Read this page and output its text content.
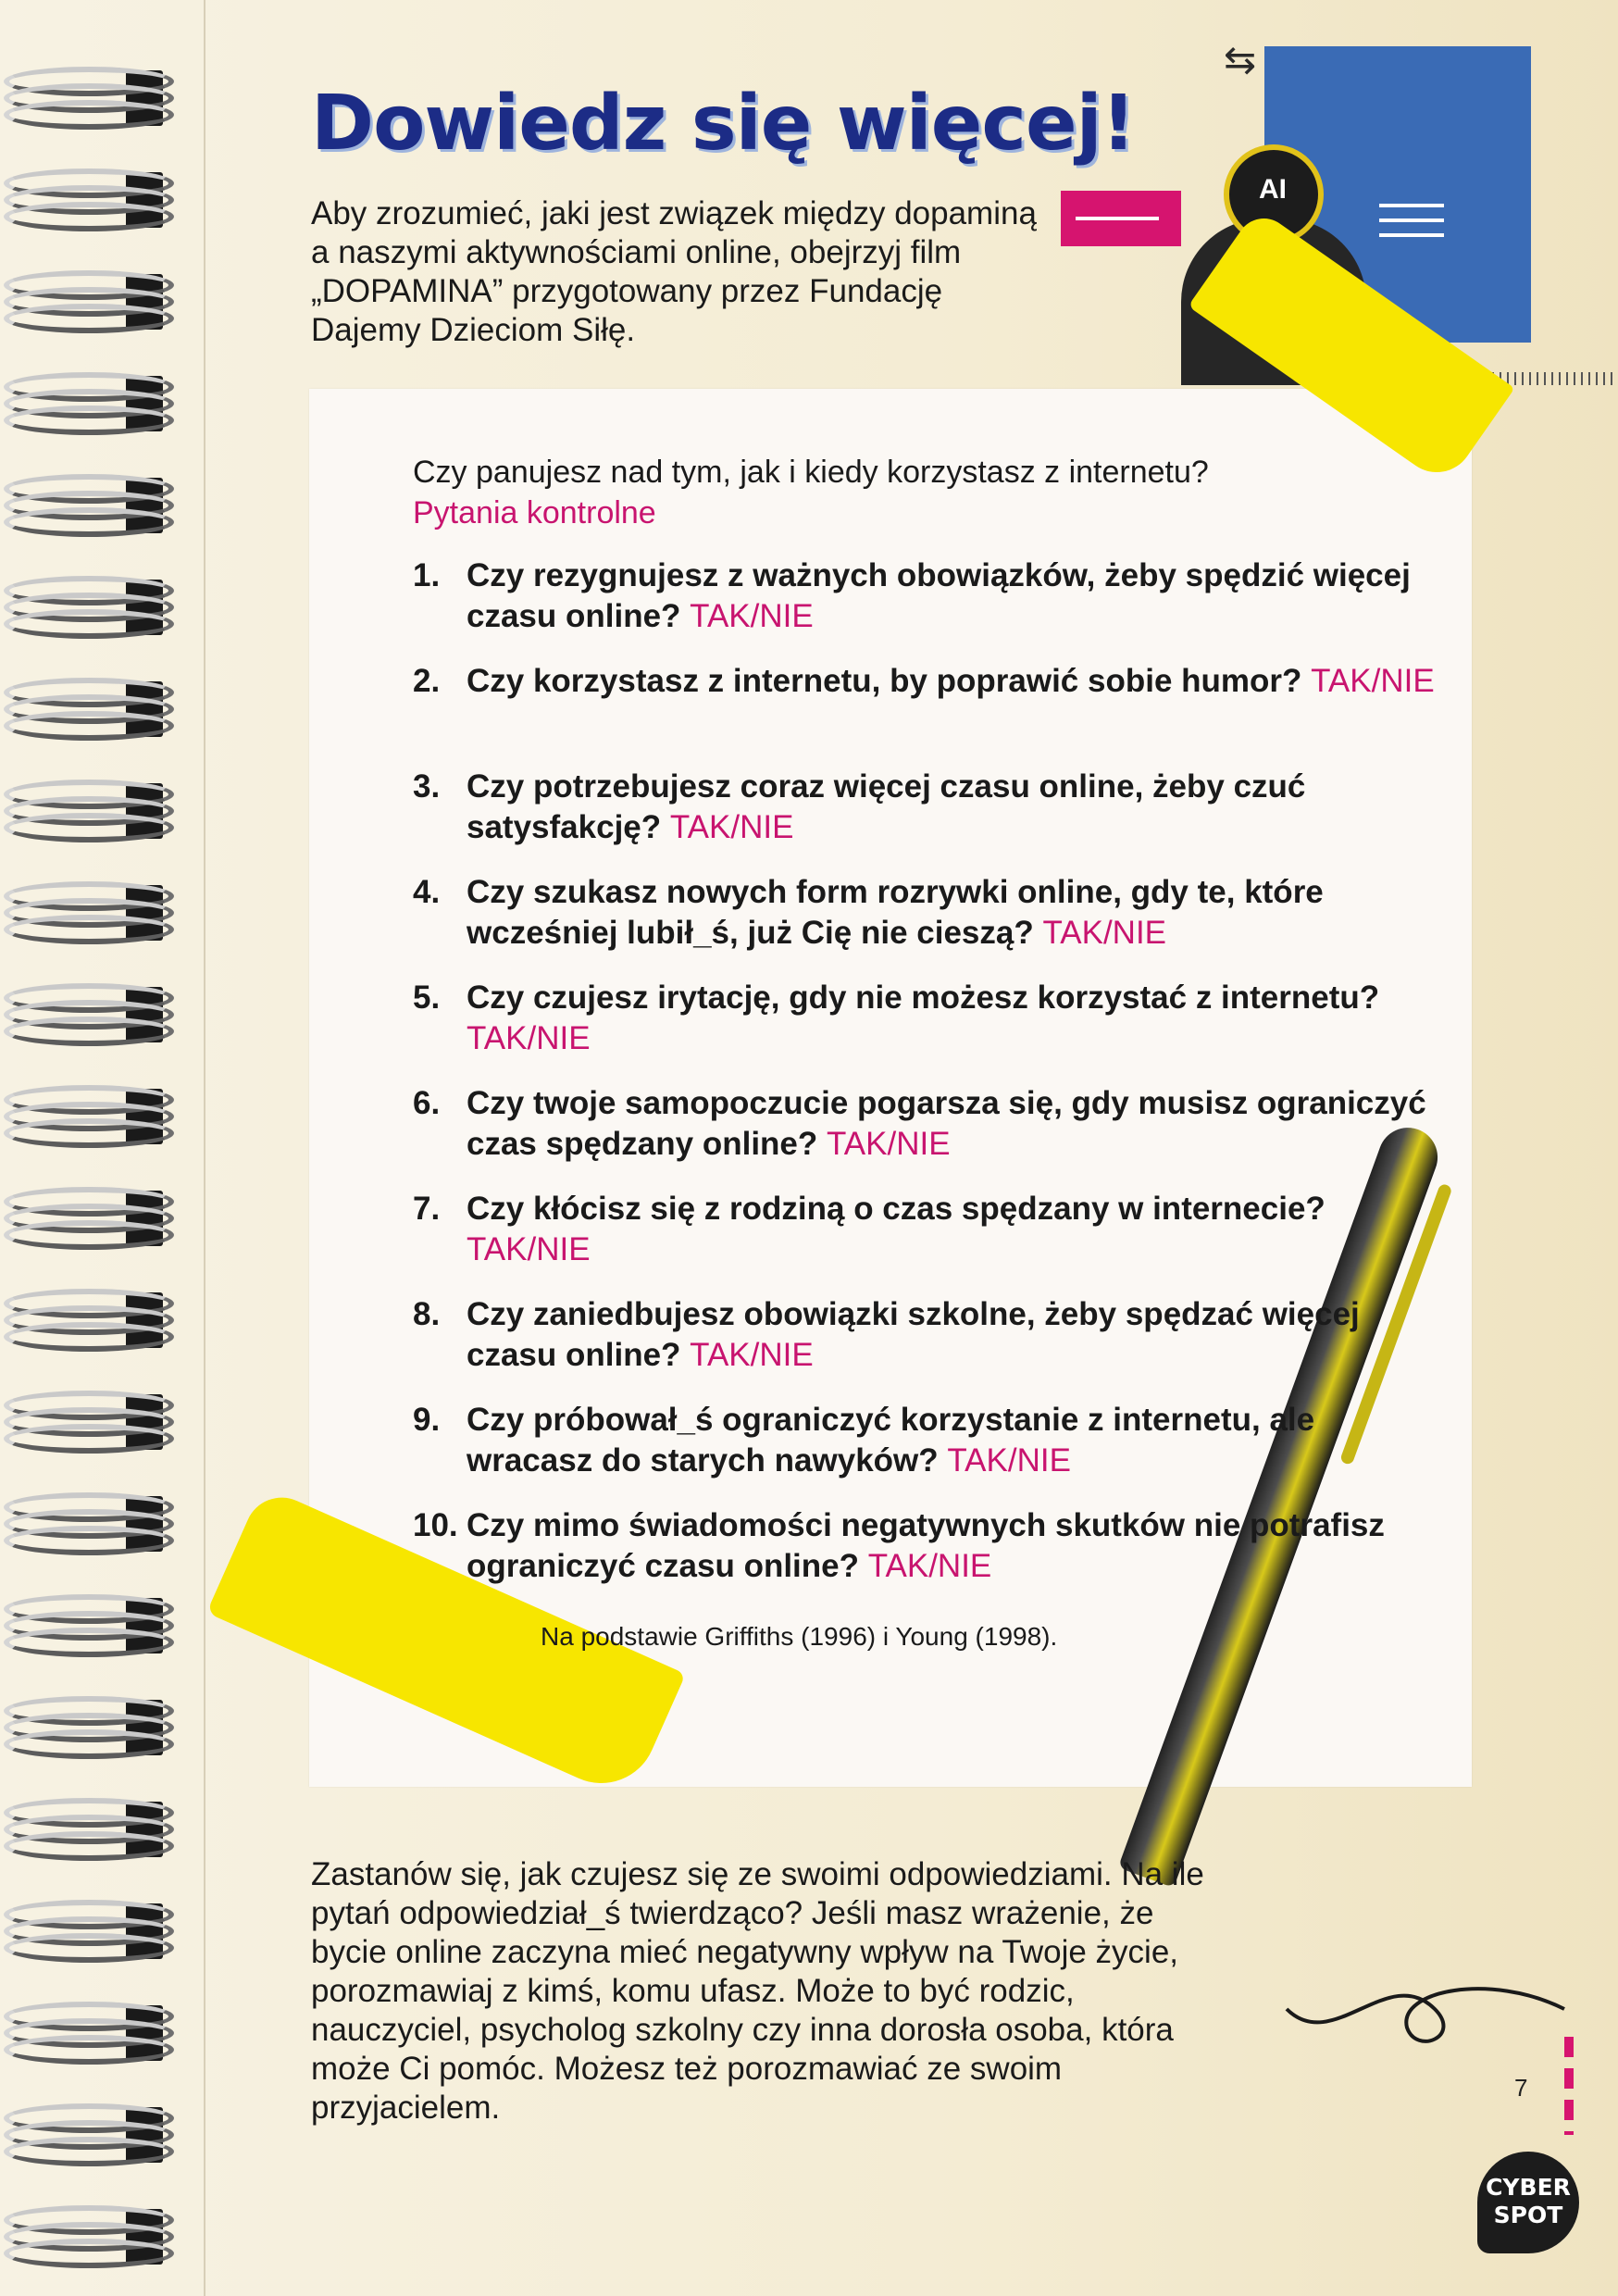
⇆
AI
Dowiedz się więcej!

Aby zrozumieć, jaki jest związek między dopaminą a naszymi aktywnościami online, obejrzyj film „DOPAMINA” przygotowany przez Fundację Dajemy Dzieciom Siłę.

Czy panujesz nad tym, jak i kiedy korzystasz z internetu?

Pytania kontrolne

1. Czy rezygnujesz z ważnych obowiązków, żeby spędzić więcej czasu online? TAK/NIE
2. Czy korzystasz z internetu, by poprawić sobie humor? TAK/NIE
3. Czy potrzebujesz coraz więcej czasu online, żeby czuć satysfakcję? TAK/NIE
4. Czy szukasz nowych form rozrywki online, gdy te, które wcześniej lubił_ś, już Cię nie cieszą? TAK/NIE
5. Czy czujesz irytację, gdy nie możesz korzystać z internetu? TAK/NIE
6. Czy twoje samopoczucie pogarsza się, gdy musisz ograniczyć czas spędzany online? TAK/NIE
7. Czy kłócisz się z rodziną o czas spędzany w internecie? TAK/NIE
8. Czy zaniedbujesz obowiązki szkolne, żeby spędzać więcej czasu online? TAK/NIE
9. Czy próbował_ś ograniczyć korzystanie z internetu, ale wracasz do starych nawyków? TAK/NIE
10. Czy mimo świadomości negatywnych skutków nie potrafisz ograniczyć czasu online? TAK/NIE

Na podstawie Griffiths (1996) i Young (1998).

Zastanów się, jak czujesz się ze swoimi odpowiedziami. Na ile pytań odpowiedział_ś twierdząco? Jeśli masz wrażenie, że bycie online zaczyna mieć negatywny wpływ na Twoje życie, porozmawiaj z kimś, komu ufasz. Może to być rodzic, nauczyciel, psycholog szkolny czy inna dorosła osoba, która może Ci pomóc. Możesz też porozmawiać ze swoim przyjacielem.

7
CYBER
SPOT
